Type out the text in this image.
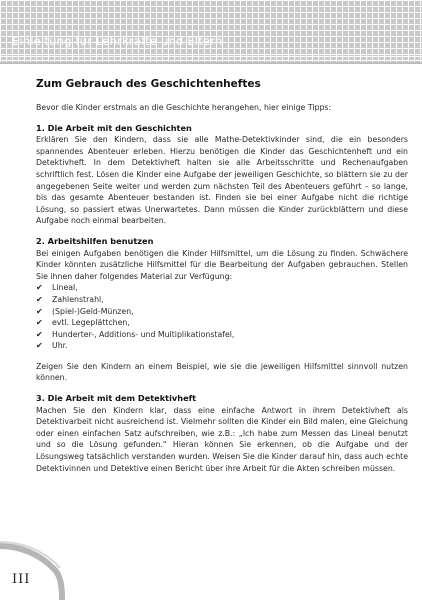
Einleitung für Lehrkräfte und Eltern
Zum Gebrauch des Geschichtenheftes

Bevor die Kinder erstmals an die Geschichte herangehen, hier einige Tipps:

1. Die Arbeit mit den Geschichten

Erklären Sie den Kindern, dass sie alle Mathe-Detektivkinder sind, die ein besonders spannendes Abenteuer erleben. Hierzu benötigen die Kinder das Geschichtenheft und ein Detektivheft. In dem Detektivheft halten sie alle Arbeitsschritte und Rechenaufgaben schriftlich fest. Lösen die Kinder eine Aufgabe der jeweiligen Geschichte, so blättern sie zu der angegebenen Seite weiter und werden zum nächsten Teil des Abenteuers geführt – so lange, bis das gesamte Abenteuer bestanden ist. Finden sie bei einer Aufgabe nicht die richtige Lösung, so passiert etwas Unerwartetes. Dann müssen die Kinder zurückblättern und diese Aufgabe noch einmal bearbeiten.

2. Arbeitshilfen benutzen

Bei einigen Aufgaben benötigen die Kinder Hilfsmittel, um die Lösung zu finden. Schwächere Kinder könnten zusätzliche Hilfsmittel für die Bearbeitung der Aufgaben gebrauchen. Stellen Sie ihnen daher folgendes Material zur Verfügung:

✔ Lineal,
✔ Zahlenstrahl,
✔ (Spiel-)Geld-Münzen,
✔ evtl. Legeplättchen,
✔ Hunderter-, Additions- und Multiplikationstafel,
✔ Uhr.

Zeigen Sie den Kindern an einem Beispiel, wie sie die jeweiligen Hilfsmittel sinnvoll nutzen können.

3. Die Arbeit mit dem Detektivheft

Machen Sie den Kindern klar, dass eine einfache Antwort in ihrem Detektivheft als Detektivarbeit nicht ausreichend ist. Vielmehr sollten die Kinder ein Bild malen, eine Gleichung oder einen einfachen Satz aufschreiben, wie z.B.: „Ich habe zum Messen das Lineal benutzt und so die Lösung gefunden.“ Hieran können Sie erkennen, ob die Aufgabe und der Lösungsweg tatsächlich verstanden wurden. Weisen Sie die Kinder darauf hin, dass auch echte Detektivinnen und Detektive einen Bericht über ihre Arbeit für die Akten schreiben müssen.

III
